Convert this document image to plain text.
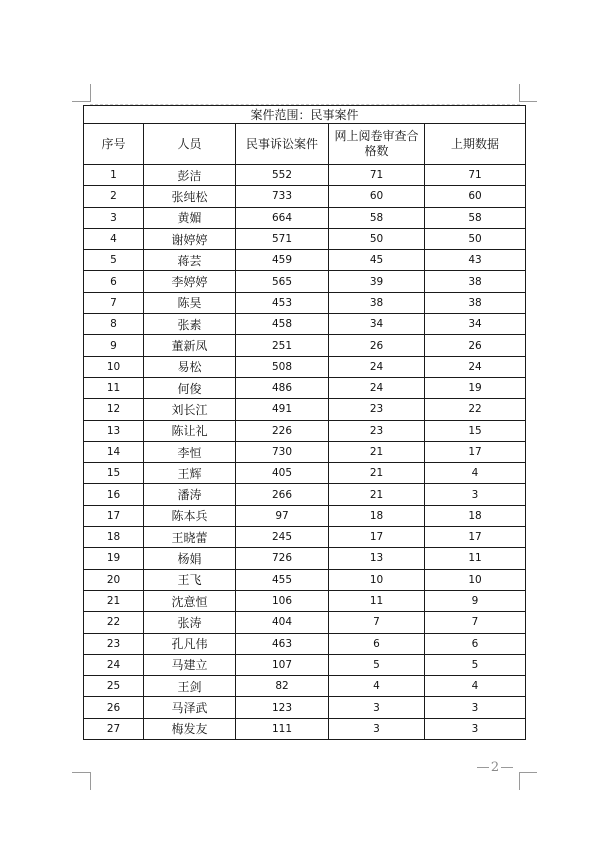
案件范围：民事案件				
序号	人员	民事诉讼案件	网上阅卷审查合格数	上期数据
1	彭洁	552	71	71
2	张纯松	733	60	60
3	黄媚	664	58	58
4	谢婷婷	571	50	50
5	蒋芸	459	45	43
6	李婷婷	565	39	38
7	陈昊	453	38	38
8	张素	458	34	34
9	董新凤	251	26	26
10	易松	508	24	24
11	何俊	486	24	19
12	刘长江	491	23	22
13	陈让礼	226	23	15
14	李恒	730	21	17
15	王辉	405	21	4
16	潘涛	266	21	3
17	陈本兵	97	18	18
18	王晓蕾	245	17	17
19	杨娟	726	13	11
20	王飞	455	10	10
21	沈意恒	106	11	9
22	张涛	404	7	7
23	孔凡伟	463	6	6
24	马建立	107	5	5
25	王剑	82	4	4
26	马泽武	123	3	3
27	梅发友	111	3	3
2
